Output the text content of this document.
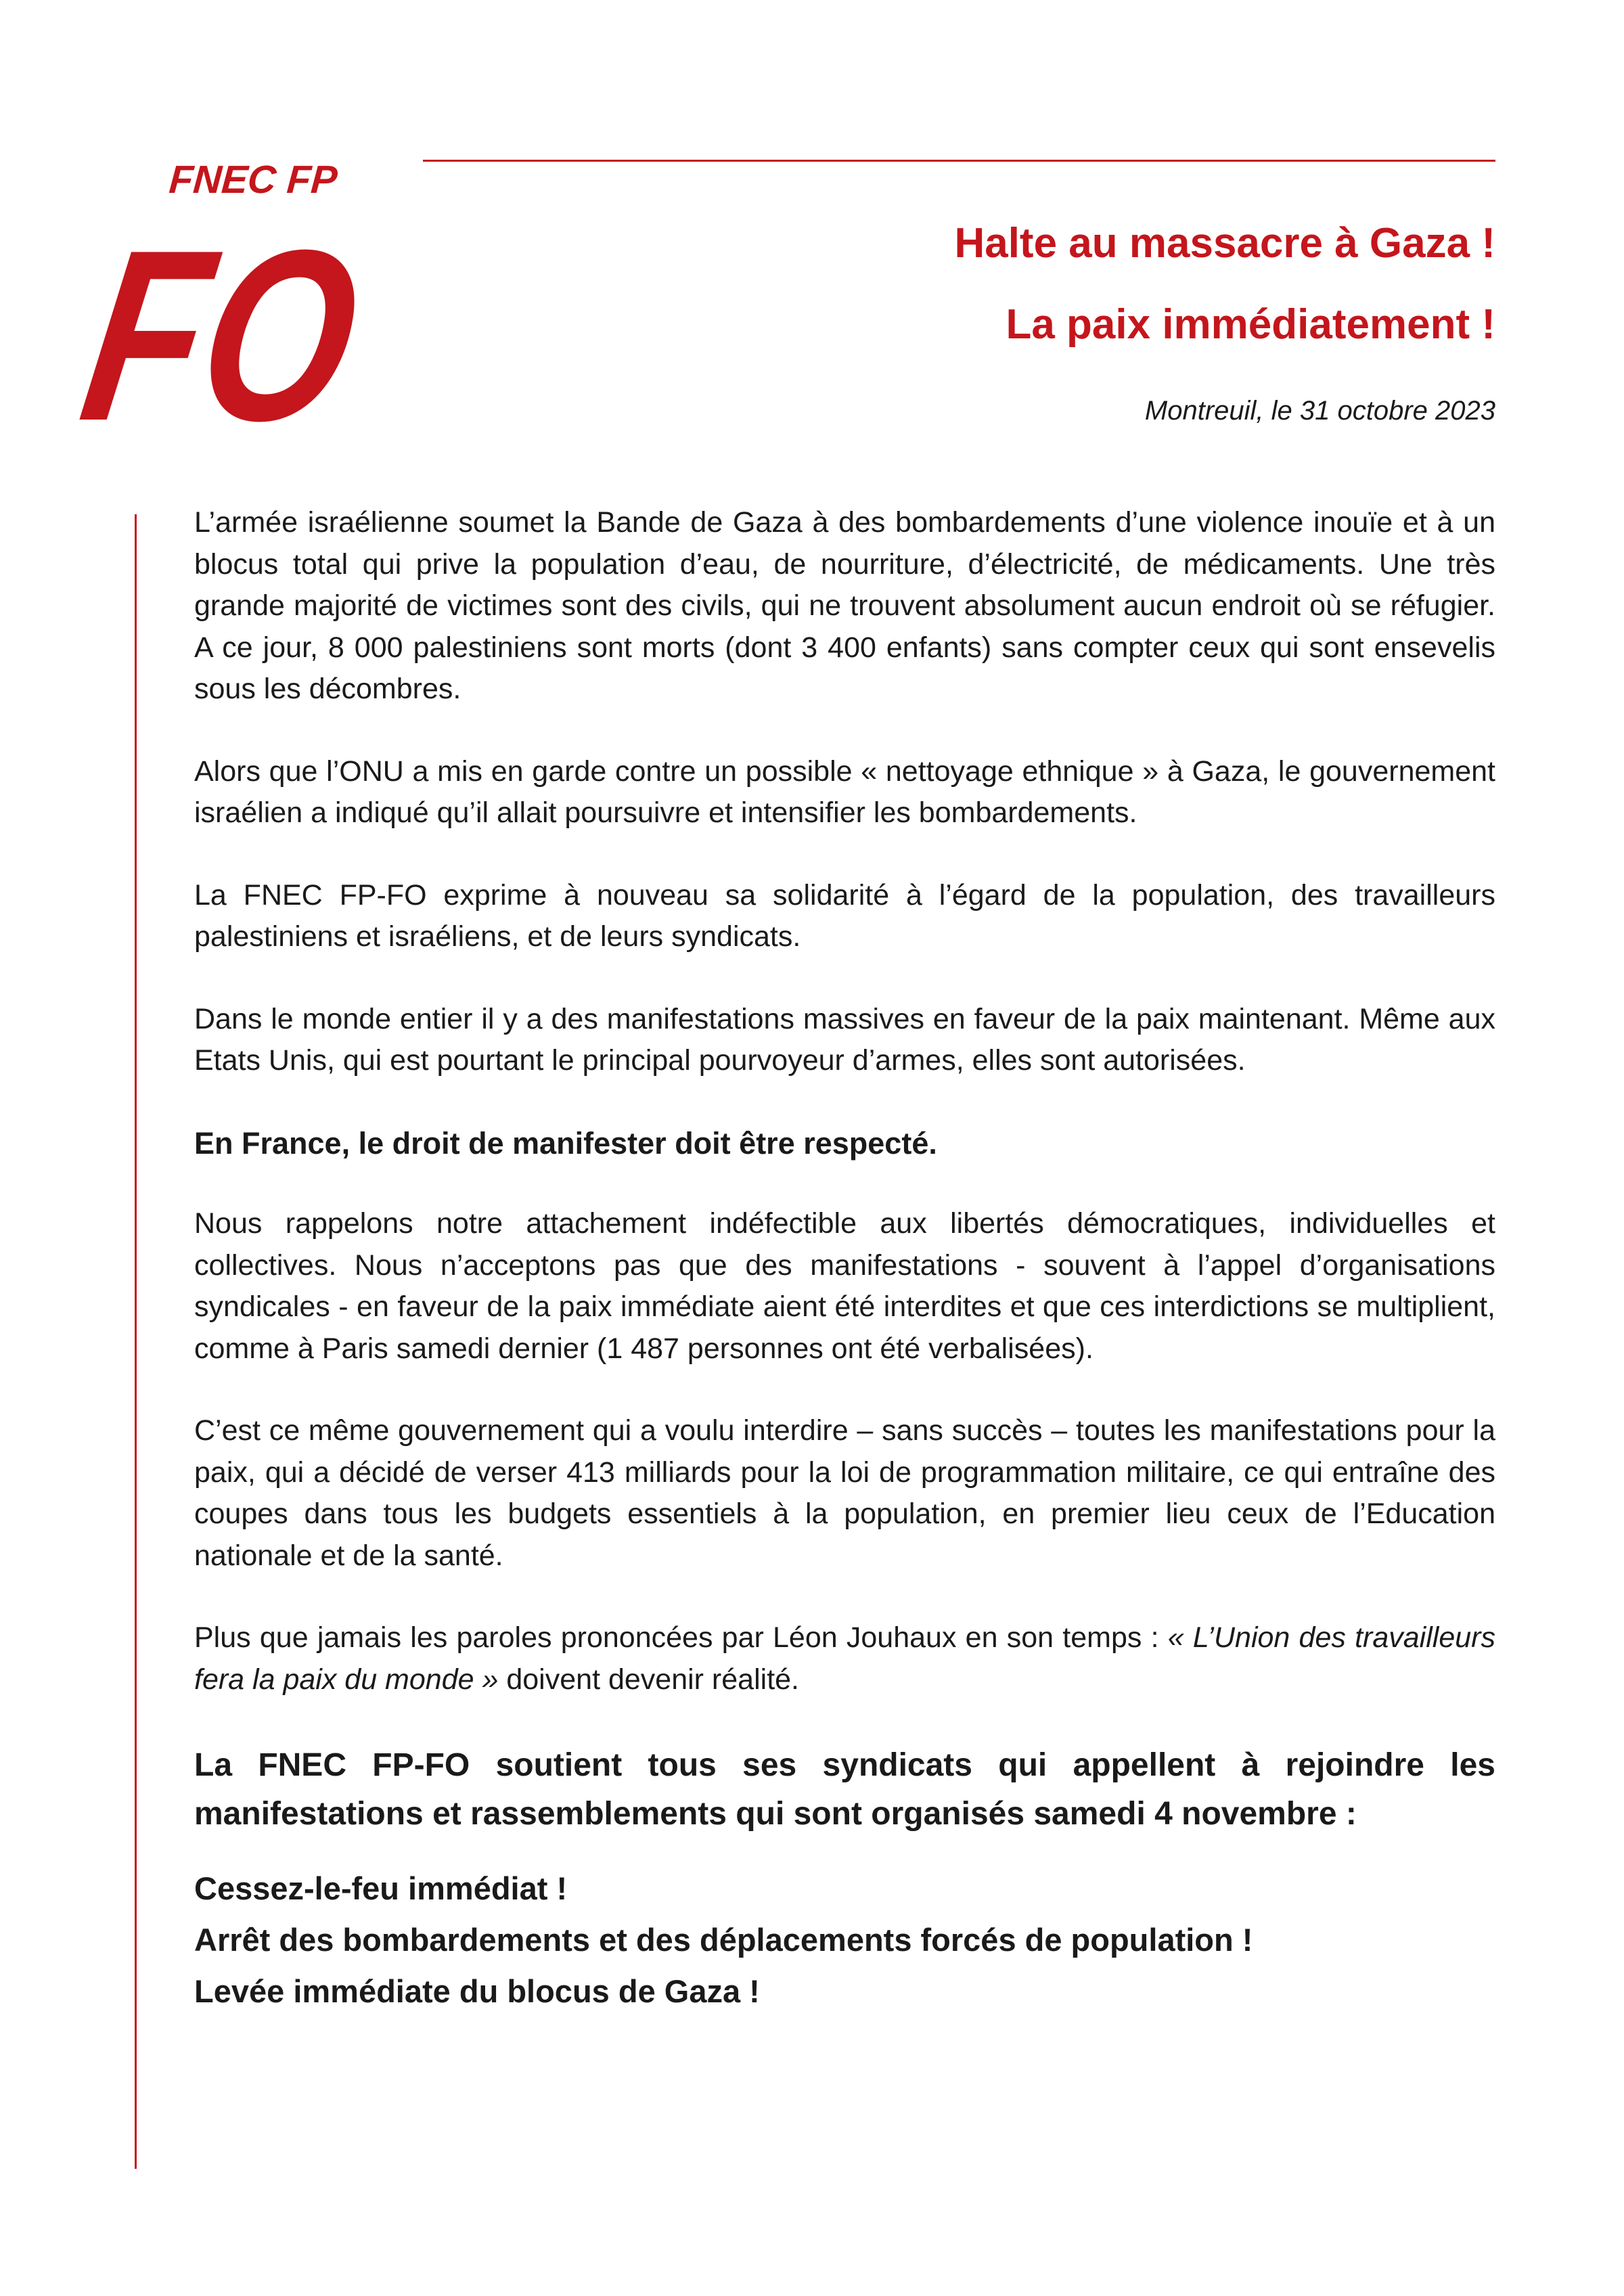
FNEC FP
FO	Halte au massacre à Gaza !
La paix immédiatement !
Montreuil, le 31 octobre 2023

L’armée israélienne soumet la Bande de Gaza à des bombardements d’une violence inouïe et à un blocus total qui prive la population d’eau, de nourriture, d’électricité, de médicaments. Une très grande majorité de victimes sont des civils, qui ne trouvent absolument aucun endroit où se réfugier. A ce jour, 8 000 palestiniens sont morts (dont 3 400 enfants) sans compter ceux qui sont ensevelis sous les décombres.

Alors que l’ONU a mis en garde contre un possible « nettoyage ethnique » à Gaza, le gouvernement israélien a indiqué qu’il allait poursuivre et intensifier les bombardements.

La FNEC FP-FO exprime à nouveau sa solidarité à l’égard de la population, des travailleurs palestiniens et israéliens, et de leurs syndicats.

Dans le monde entier il y a des manifestations massives en faveur de la paix maintenant. Même aux Etats Unis, qui est pourtant le principal pourvoyeur d’armes, elles sont autorisées.

En France, le droit de manifester doit être respecté.

Nous rappelons notre attachement indéfectible aux libertés démocratiques, individuelles et collectives. Nous n’acceptons pas que des manifestations - souvent à l’appel d’organisations syndicales - en faveur de la paix immédiate aient été interdites et que ces interdictions se multiplient, comme à Paris samedi dernier (1 487 personnes ont été verbalisées).

C’est ce même gouvernement qui a voulu interdire – sans succès – toutes les manifestations pour la paix, qui a décidé de verser 413 milliards pour la loi de programmation militaire, ce qui entraîne des coupes dans tous les budgets essentiels à la population, en premier lieu ceux de l’Education nationale et de la santé.

Plus que jamais les paroles prononcées par Léon Jouhaux en son temps : « L’Union des travailleurs fera la paix du monde » doivent devenir réalité.

La FNEC FP-FO soutient tous ses syndicats qui appellent à rejoindre les manifestations et rassemblements qui sont organisés samedi 4 novembre :

Cessez-le-feu immédiat !
Arrêt des bombardements et des déplacements forcés de population !
Levée immédiate du blocus de Gaza !
